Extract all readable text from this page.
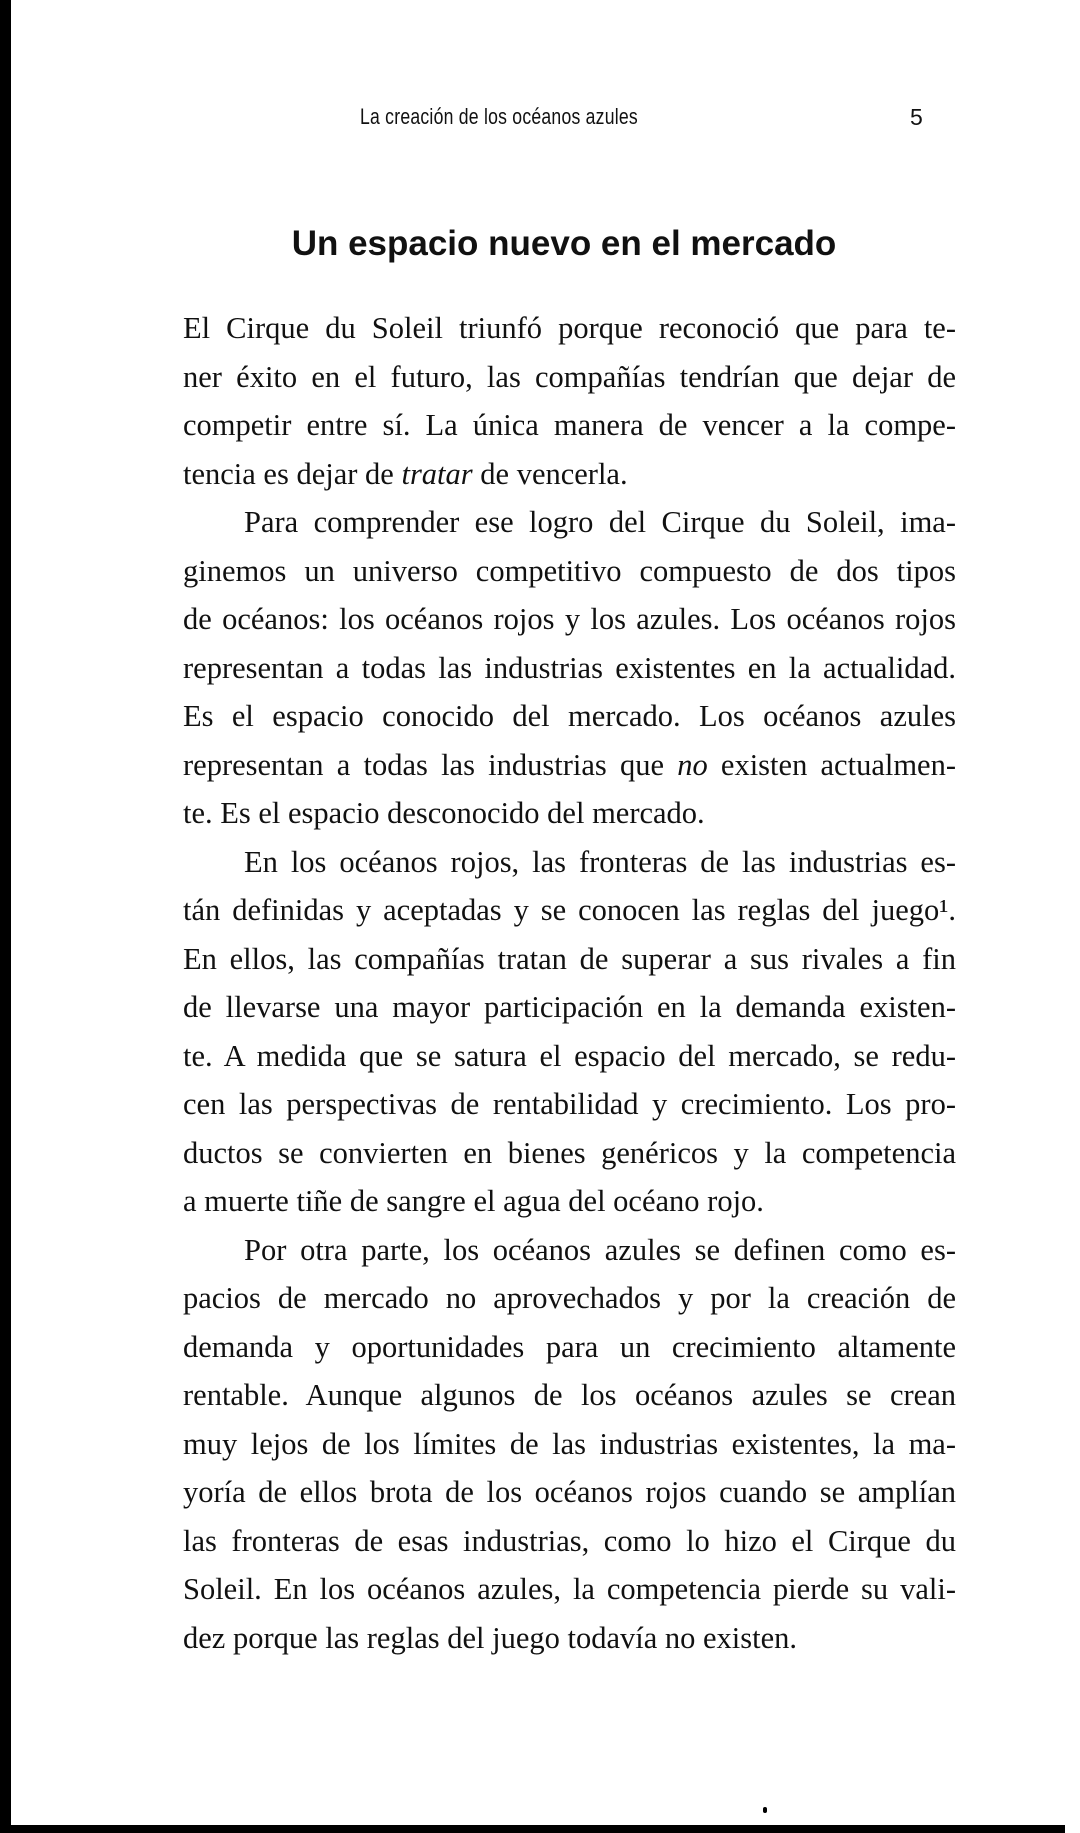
La creación de los océanos azules	5
Un espacio nuevo en el mercado
El Cirque du Soleil triunfó porque reconoció que para te-
ner éxito en el futuro, las compañías tendrían que dejar de
competir entre sí. La única manera de vencer a la compe-
tencia es dejar de tratar de vencerla.
Para comprender ese logro del Cirque du Soleil, ima-
ginemos un universo competitivo compuesto de dos tipos
de océanos: los océanos rojos y los azules. Los océanos rojos
representan a todas las industrias existentes en la actualidad.
Es el espacio conocido del mercado. Los océanos azules
representan a todas las industrias que no existen actualmen-
te. Es el espacio desconocido del mercado.
En los océanos rojos, las fronteras de las industrias es-
tán definidas y aceptadas y se conocen las reglas del juego¹.
En ellos, las compañías tratan de superar a sus rivales a fin
de llevarse una mayor participación en la demanda existen-
te. A medida que se satura el espacio del mercado, se redu-
cen las perspectivas de rentabilidad y crecimiento. Los pro-
ductos se convierten en bienes genéricos y la competencia
a muerte tiñe de sangre el agua del océano rojo.
Por otra parte, los océanos azules se definen como es-
pacios de mercado no aprovechados y por la creación de
demanda y oportunidades para un crecimiento altamente
rentable. Aunque algunos de los océanos azules se crean
muy lejos de los límites de las industrias existentes, la ma-
yoría de ellos brota de los océanos rojos cuando se amplían
las fronteras de esas industrias, como lo hizo el Cirque du
Soleil. En los océanos azules, la competencia pierde su vali-
dez porque las reglas del juego todavía no existen.
